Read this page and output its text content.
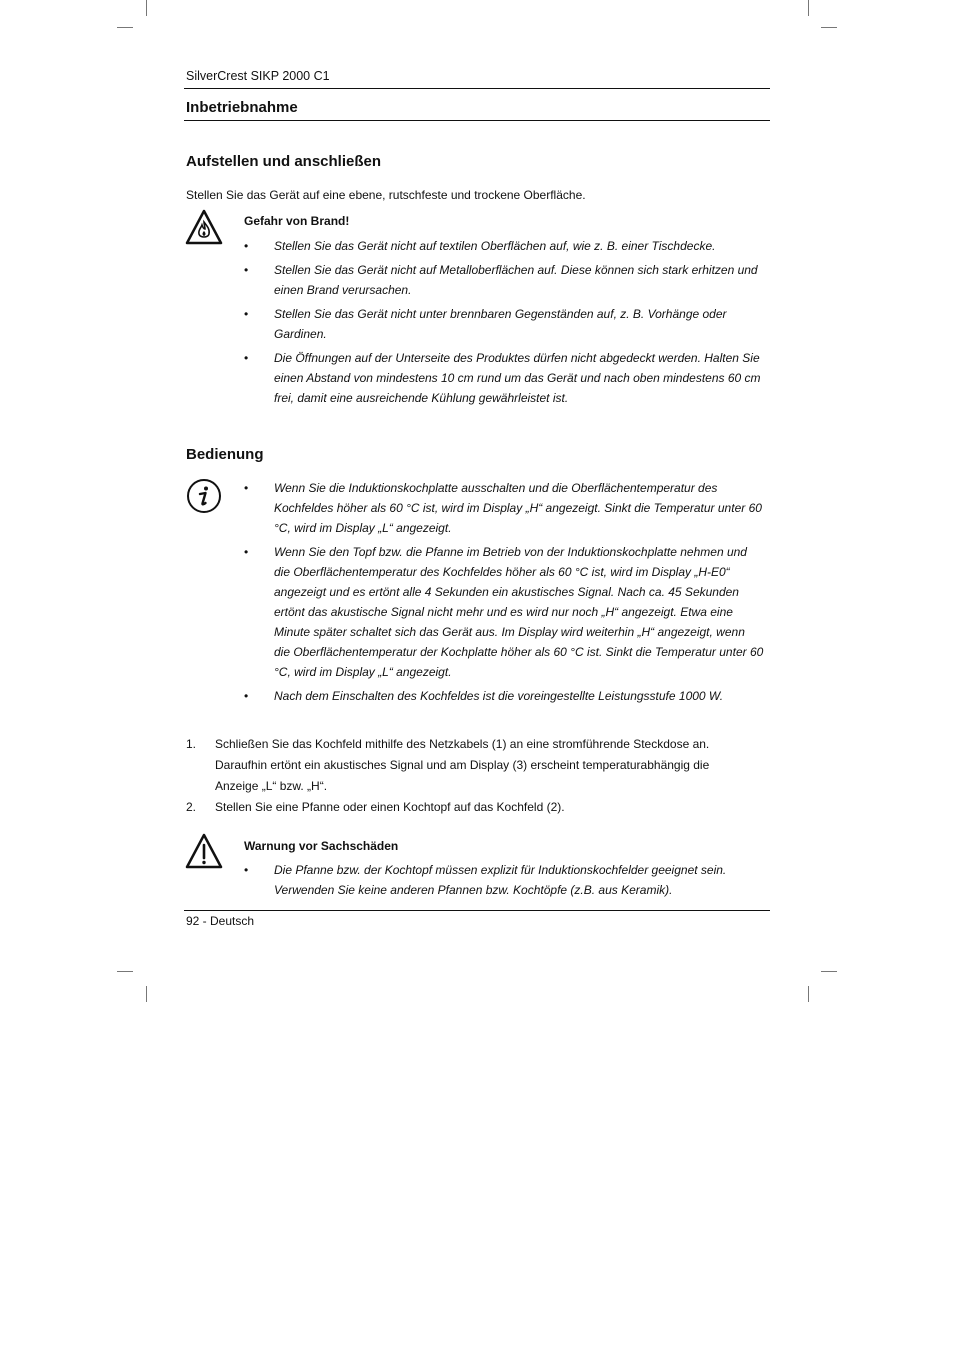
SilverCrest SIKP 2000 C1
Inbetriebnahme
Aufstellen und anschließen
Stellen Sie das Gerät auf eine ebene, rutschfeste und trockene Oberfläche.
Gefahr von Brand!
• Stellen Sie das Gerät nicht auf textilen Oberflächen auf, wie z. B. einer Tischdecke.
• Stellen Sie das Gerät nicht auf Metalloberflächen auf. Diese können sich stark erhitzen und einen Brand verursachen.
• Stellen Sie das Gerät nicht unter brennbaren Gegenständen auf, z. B. Vorhänge oder Gardinen.
• Die Öffnungen auf der Unterseite des Produktes dürfen nicht abgedeckt werden. Halten Sie einen Abstand von mindestens 10 cm rund um das Gerät und nach oben mindestens 60 cm frei, damit eine ausreichende Kühlung gewährleistet ist.
Bedienung
• Wenn Sie die Induktionskochplatte ausschalten und die Oberflächentemperatur des Kochfeldes höher als 60 °C ist, wird im Display „H“ angezeigt. Sinkt die Temperatur unter 60 °C, wird im Display „L“ angezeigt.
• Wenn Sie den Topf bzw. die Pfanne im Betrieb von der Induktionskochplatte nehmen und die Oberflächentemperatur des Kochfeldes höher als 60 °C ist, wird im Display „H-E0“ angezeigt und es ertönt alle 4 Sekunden ein akustisches Signal. Nach ca. 45 Sekunden ertönt das akustische Signal nicht mehr und es wird nur noch „H“ angezeigt. Etwa eine Minute später schaltet sich das Gerät aus. Im Display wird weiterhin „H“ angezeigt, wenn die Oberflächentemperatur der Kochplatte höher als 60 °C ist. Sinkt die Temperatur unter 60 °C, wird im Display „L“ angezeigt.
• Nach dem Einschalten des Kochfeldes ist die voreingestellte Leistungsstufe 1000 W.
1. Schließen Sie das Kochfeld mithilfe des Netzkabels (1) an eine stromführende Steckdose an. Daraufhin ertönt ein akustisches Signal und am Display (3) erscheint temperaturabhängig die Anzeige „L“ bzw. „H“.
2. Stellen Sie eine Pfanne oder einen Kochtopf auf das Kochfeld (2).
Warnung vor Sachschäden
• Die Pfanne bzw. der Kochtopf müssen explizit für Induktionskochfelder geeignet sein. Verwenden Sie keine anderen Pfannen bzw. Kochtöpfe (z.B. aus Keramik).
92 - Deutsch
